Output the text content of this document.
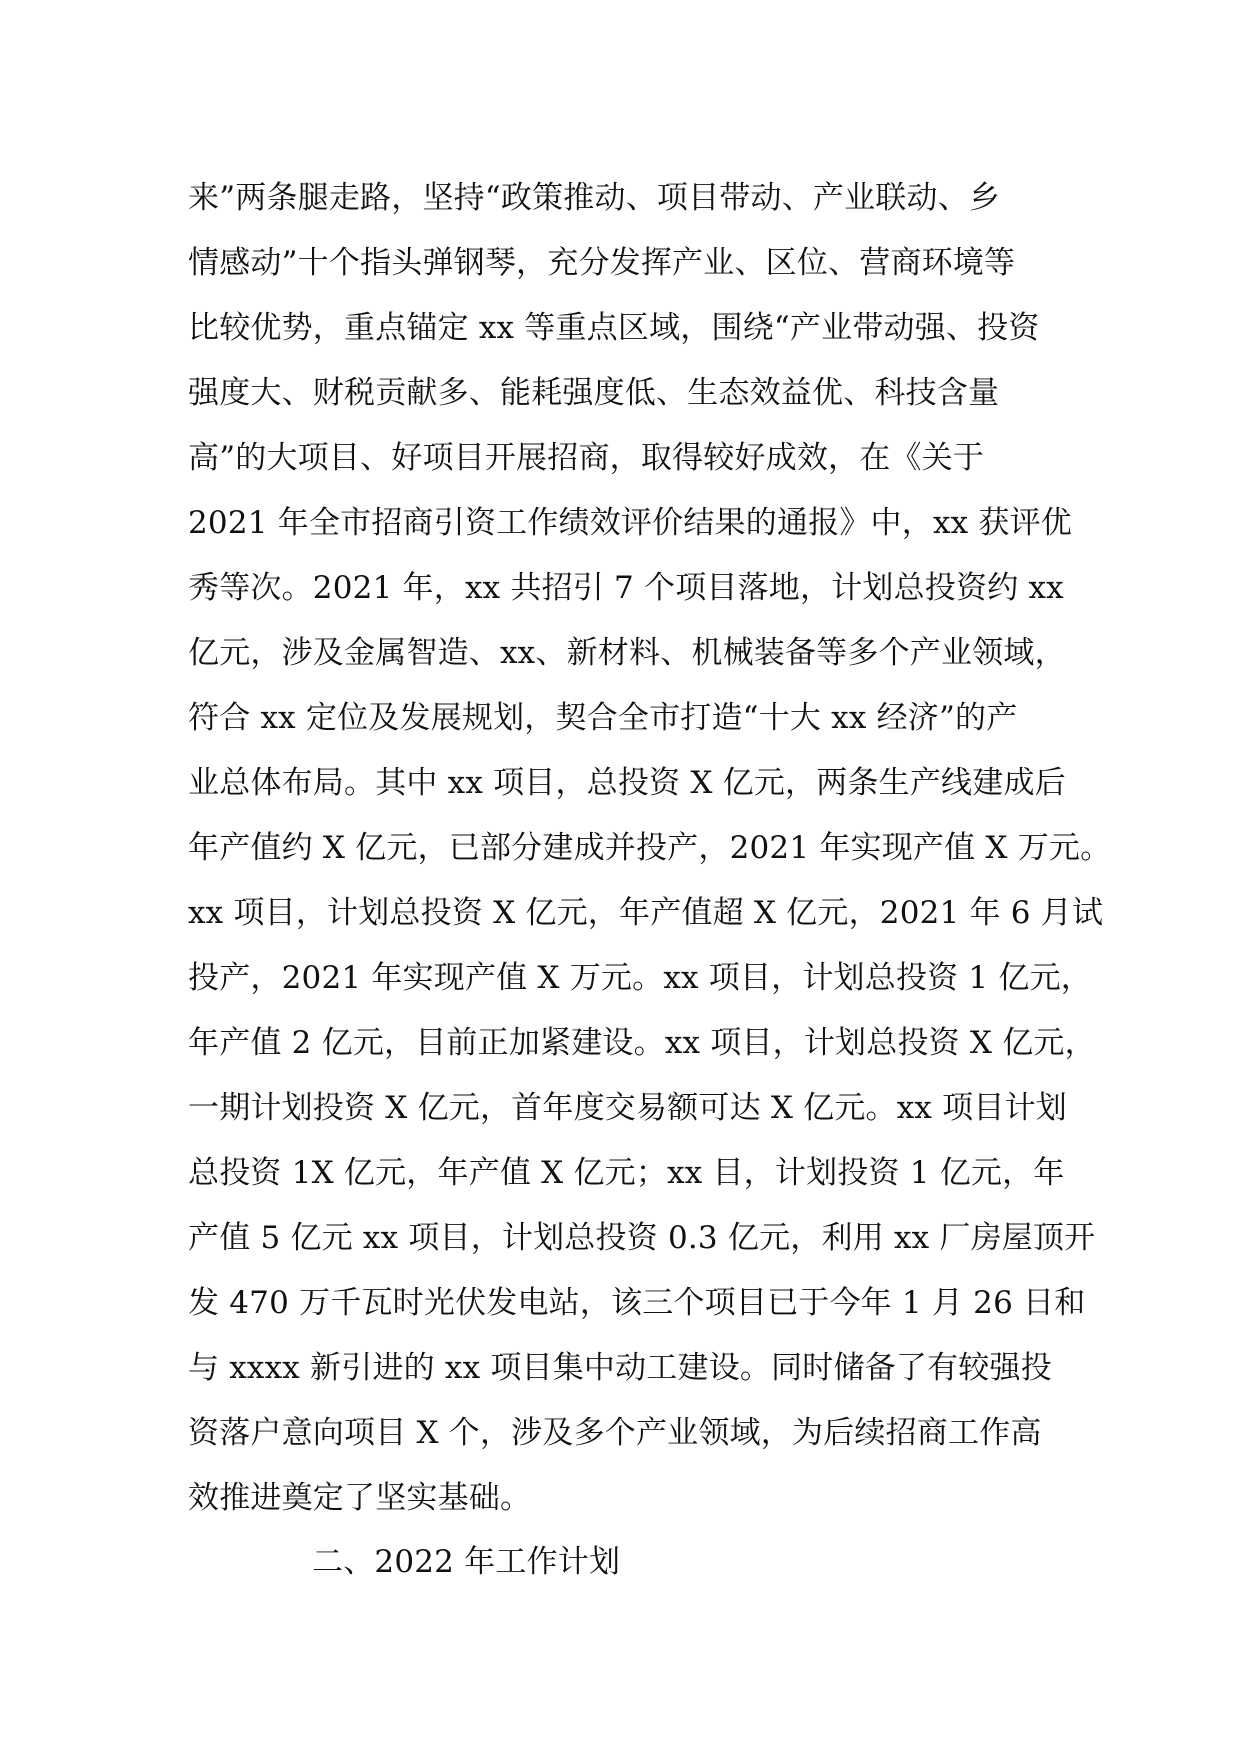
来”两条腿走路，坚持“政策推动、项目带动、产业联动、乡
情感动”十个指头弹钢琴，充分发挥产业、区位、营商环境等
比较优势，重点锚定 xx 等重点区域，围绕“产业带动强、投资
强度大、财税贡献多、能耗强度低、生态效益优、科技含量
高”的大项目、好项目开展招商，取得较好成效，在《关于
2021 年全市招商引资工作绩效评价结果的通报》中，xx 获评优
秀等次。2021 年，xx 共招引 7 个项目落地，计划总投资约 xx
亿元，涉及金属智造、xx、新材料、机械装备等多个产业领域，
符合 xx 定位及发展规划，契合全市打造“十大 xx 经济”的产
业总体布局。其中 xx 项目，总投资 X 亿元，两条生产线建成后
年产值约 X 亿元，已部分建成并投产，2021 年实现产值 X 万元。
xx 项目，计划总投资 X 亿元，年产值超 X 亿元，2021 年 6 月试
投产，2021 年实现产值 X 万元。xx 项目，计划总投资 1 亿元，
年产值 2 亿元，目前正加紧建设。xx 项目，计划总投资 X 亿元，
一期计划投资 X 亿元，首年度交易额可达 X 亿元。xx 项目计划
总投资 1X 亿元，年产值 X 亿元；xx 目，计划投资 1 亿元，年
产值 5 亿元 xx 项目，计划总投资 0.3 亿元，利用 xx 厂房屋顶开
发 470 万千瓦时光伏发电站，该三个项目已于今年 1 月 26 日和
与 xxxx 新引进的 xx 项目集中动工建设。同时储备了有较强投
资落户意向项目 X 个，涉及多个产业领域，为后续招商工作高
效推进奠定了坚实基础。
二、2022 年工作计划
